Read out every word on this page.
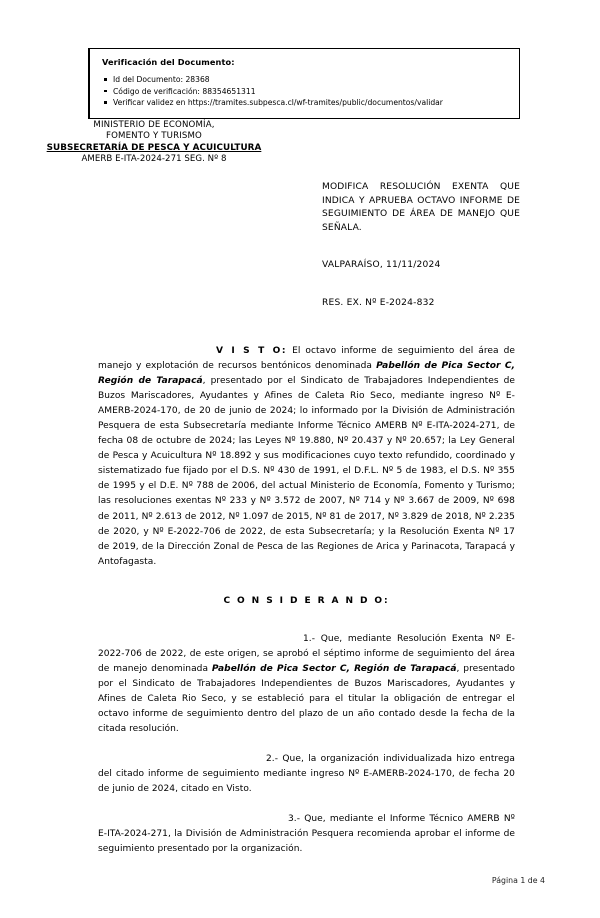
Verificación del Documento:
Id del Documento: 28368
Código de verificación: 88354651311
Verificar validez en https://tramites.subpesca.cl/wf-tramites/public/documentos/validar
MINISTERIO DE ECONOMÍA,
FOMENTO Y TURISMO
SUBSECRETARÍA DE PESCA Y ACUICULTURA
AMERB E-ITA-2024-271 SEG. Nº 8
MODIFICA RESOLUCIÓN EXENTA QUE INDICA Y APRUEBA OCTAVO INFORME DE SEGUIMIENTO DE ÁREA DE MANEJO QUE SEÑALA.
VALPARAÍSO, 11/11/2024
RES. EX. Nº E-2024-832

V I S T O: El octavo informe de seguimiento del área de manejo y explotación de recursos bentónicos denominada Pabellón de Pica Sector C, Región de Tarapacá, presentado por el Sindicato de Trabajadores Independientes de Buzos Mariscadores, Ayudantes y Afines de Caleta Rio Seco, mediante ingreso Nº E-AMERB-2024-170, de 20 de junio de 2024; lo informado por la División de Administración Pesquera de esta Subsecretaría mediante Informe Técnico AMERB Nº E-ITA-2024-271, de fecha 08 de octubre de 2024; las Leyes Nº 19.880, Nº 20.437 y Nº 20.657; la Ley General de Pesca y Acuicultura Nº 18.892 y sus modificaciones cuyo texto refundido, coordinado y sistematizado fue fijado por el D.S. Nº 430 de 1991, el D.F.L. Nº 5 de 1983, el D.S. Nº 355 de 1995 y el D.E. Nº 788 de 2006, del actual Ministerio de Economía, Fomento y Turismo; las resoluciones exentas Nº 233 y Nº 3.572 de 2007, Nº 714 y Nº 3.667 de 2009, Nº 698 de 2011, Nº 2.613 de 2012, Nº 1.097 de 2015, Nº 81 de 2017, Nº 3.829 de 2018, Nº 2.235 de 2020, y Nº E-2022-706 de 2022, de esta Subsecretaría; y la Resolución Exenta Nº 17 de 2019, de la Dirección Zonal de Pesca de las Regiones de Arica y Parinacota, Tarapacá y Antofagasta.

C O N S I D E R A N D O:

1.- Que, mediante Resolución Exenta Nº E-2022-706 de 2022, de este origen, se aprobó el séptimo informe de seguimiento del área de manejo denominada Pabellón de Pica Sector C, Región de Tarapacá, presentado por el Sindicato de Trabajadores Independientes de Buzos Mariscadores, Ayudantes y Afines de Caleta Rio Seco, y se estableció para el titular la obligación de entregar el octavo informe de seguimiento dentro del plazo de un año contado desde la fecha de la citada resolución.

2.- Que, la organización individualizada hizo entrega del citado informe de seguimiento mediante ingreso Nº E-AMERB-2024-170, de fecha 20 de junio de 2024, citado en Visto.

3.- Que, mediante el Informe Técnico AMERB Nº E-ITA-2024-271, la División de Administración Pesquera recomienda aprobar el informe de seguimiento presentado por la organización.

Página 1 de 4
